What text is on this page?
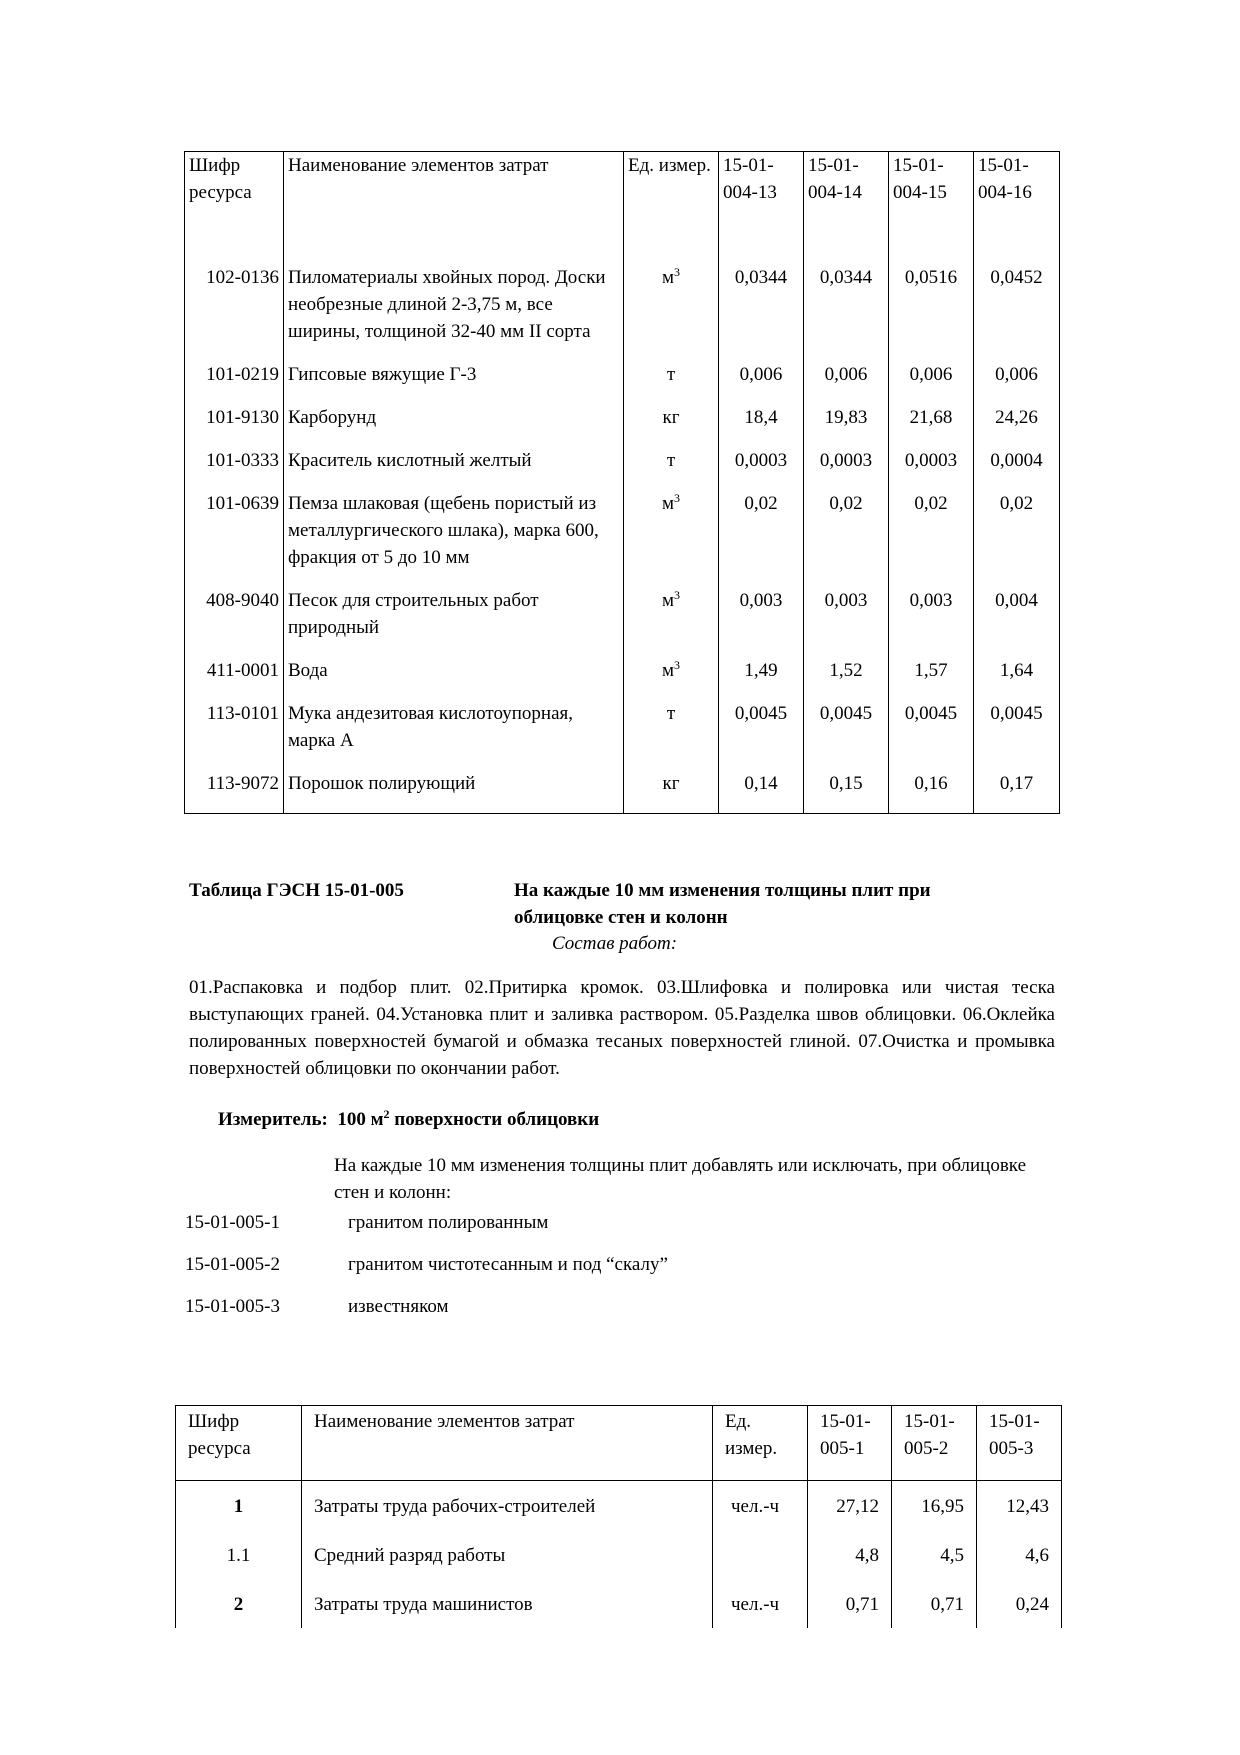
Шифр ресурса	Наименование элементов затрат	Ед. измер.	15-01-004-13	15-01-004-14	15-01-004-15	15-01-004-16

102-0136	Пиломатериалы хвойных пород. Доски необрезные длиной 2-3,75 м, все ширины, толщиной 32-40 мм II сорта	$м^3$	0,0344	0,0344	0,0516	0,0452
101-0219	Гипсовые вяжущие Г-3	т	0,006	0,006	0,006	0,006
101-9130	Карборунд	кг	18,4	19,83	21,68	24,26
101-0333	Краситель кислотный желтый	т	0,0003	0,0003	0,0003	0,0004
101-0639	Пемза шлаковая (щебень пористый из металлургического шлака), марка 600, фракция от 5 до 10 мм	$м^3$	0,02	0,02	0,02	0,02
408-9040	Песок для строительных работ природный	$м^3$	0,003	0,003	0,003	0,004
411-0001	Вода	$м^3$	1,49	1,52	1,57	1,64
113-0101	Мука андезитовая кислотоупорная, марка А	т	0,0045	0,0045	0,0045	0,0045
113-9072	Порошок полирующий	кг	0,14	0,15	0,16	0,17
Таблица ГЭСН 15-01-005	На каждые 10 мм изменения толщины плит при облицовке стен и колонн
Состав работ:

01.Распаковка и подбор плит. 02.Притирка кромок. 03.Шлифовка и полировка или чистая теска выступающих граней. 04.Установка плит и заливка раствором. 05.Разделка швов облицовки. 06.Оклейка полированных поверхностей бумагой и обмазка тесаных поверхностей глиной. 07.Очистка и промывка поверхностей облицовки по окончании работ.

Измеритель: 100 $м^2$ поверхности облицовки
На каждые 10 мм изменения толщины плит добавлять или исключать, при облицовке стен и колонн:
15-01-005-1	гранитом полированным
15-01-005-2	гранитом чистотесанным и под “скалу”
15-01-005-3	известняком
Шифр ресурса	Наименование элементов затрат	Ед. измер.	15-01-005-1	15-01-005-2	15-01-005-3
1	Затраты труда рабочих-строителей	чел.-ч	27,12	16,95	12,43
1.1	Средний разряд работы		4,8	4,5	4,6
2	Затраты труда машинистов	чел.-ч	0,71	0,71	0,24
